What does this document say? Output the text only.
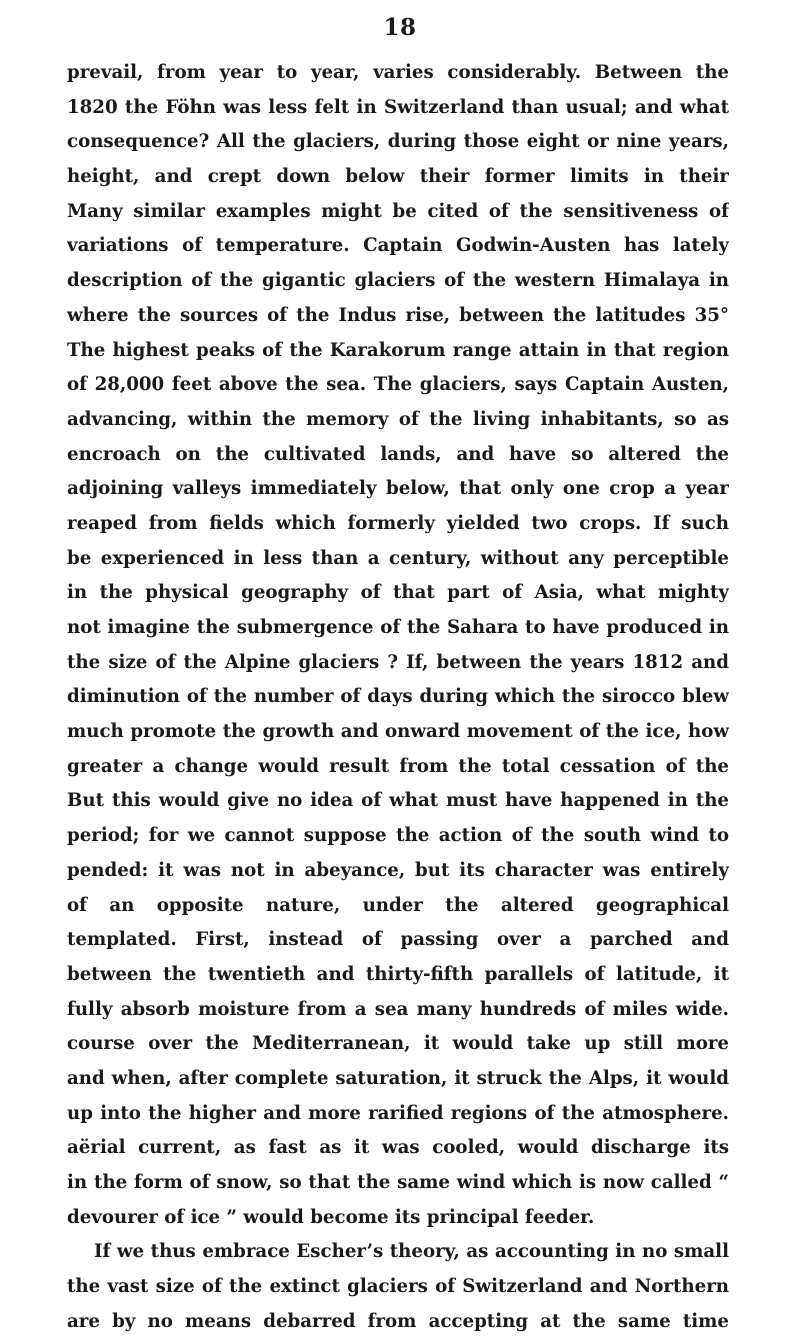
18
prevail, from year to year, varies considerably. Between the
1820 the Föhn was less felt in Switzerland than usual; and what
consequence? All the glaciers, during those eight or nine years,
height, and crept down below their former limits in their
Many similar examples might be cited of the sensitiveness of
variations of temperature. Captain Godwin-Austen has lately
description of the gigantic glaciers of the western Himalaya in
where the sources of the Indus rise, between the latitudes 35°
The highest peaks of the Karakorum range attain in that region
of 28,000 feet above the sea. The glaciers, says Captain Austen,
advancing, within the memory of the living inhabitants, so as
encroach on the cultivated lands, and have so altered the
adjoining valleys immediately below, that only one crop a year
reaped from fields which formerly yielded two crops. If such
be experienced in less than a century, without any perceptible
in the physical geography of that part of Asia, what mighty
not imagine the submergence of the Sahara to have produced in
the size of the Alpine glaciers ? If, between the years 1812 and
diminution of the number of days during which the sirocco blew
much promote the growth and onward movement of the ice, how
greater a change would result from the total cessation of the
But this would give no idea of what must have happened in the
period; for we cannot suppose the action of the south wind to
pended: it was not in abeyance, but its character was entirely
of an opposite nature, under the altered geographical
templated. First, instead of passing over a parched and
between the twentieth and thirty-fifth parallels of latitude, it
fully absorb moisture from a sea many hundreds of miles wide.
course over the Mediterranean, it would take up still more
and when, after complete saturation, it struck the Alps, it would
up into the higher and more rarified regions of the atmosphere.
aërial current, as fast as it was cooled, would discharge its
in the form of snow, so that the same wind which is now called “
devourer of ice ” would become its principal feeder.
If we thus embrace Escher’s theory, as accounting in no small
the vast size of the extinct glaciers of Switzerland and Northern
are by no means debarred from accepting at the same time
